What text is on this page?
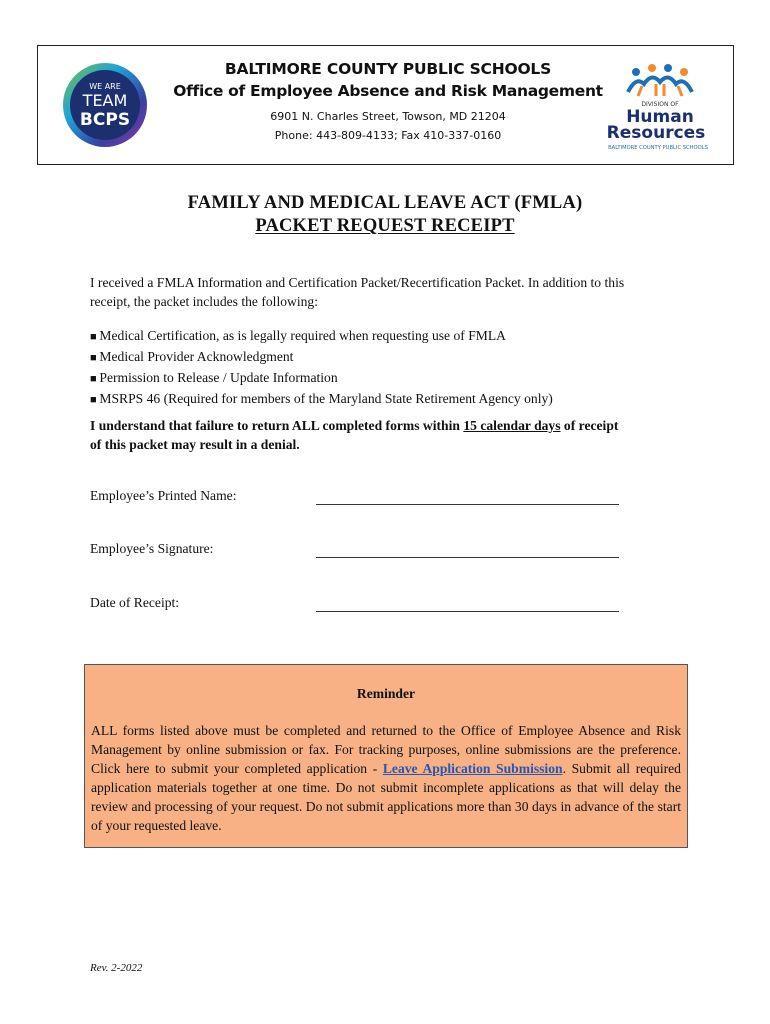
WE ARE
TEAM
BCPS
BALTIMORE COUNTY PUBLIC SCHOOLS
Office of Employee Absence and Risk Management
6901 N. Charles Street, Towson, MD 21204
Phone: 443-809-4133; Fax 410-337-0160
DIVISION OF
Human
Resources
BALTIMORE COUNTY PUBLIC SCHOOLS
FAMILY AND MEDICAL LEAVE ACT (FMLA)
PACKET REQUEST RECEIPT
I received a FMLA Information and Certification Packet/Recertification Packet. In addition to this
receipt, the packet includes the following:
■ Medical Certification, as is legally required when requesting use of FMLA
■ Medical Provider Acknowledgment
■ Permission to Release / Update Information
■ MSRPS 46 (Required for members of the Maryland State Retirement Agency only)
I understand that failure to return ALL completed forms within 15 calendar days of receipt
of this packet may result in a denial.
Employee’s Printed Name:
Employee’s Signature:
Date of Receipt:
Reminder
ALL forms listed above must be completed and returned to the Office of Employee Absence and Risk Management by online submission or fax. For tracking purposes, online submissions are the preference. Click here to submit your completed application - Leave Application Submission. Submit all required application materials together at one time. Do not submit incomplete applications as that will delay the review and processing of your request. Do not submit applications more than 30 days in advance of the start of your requested leave.
Rev. 2-2022
